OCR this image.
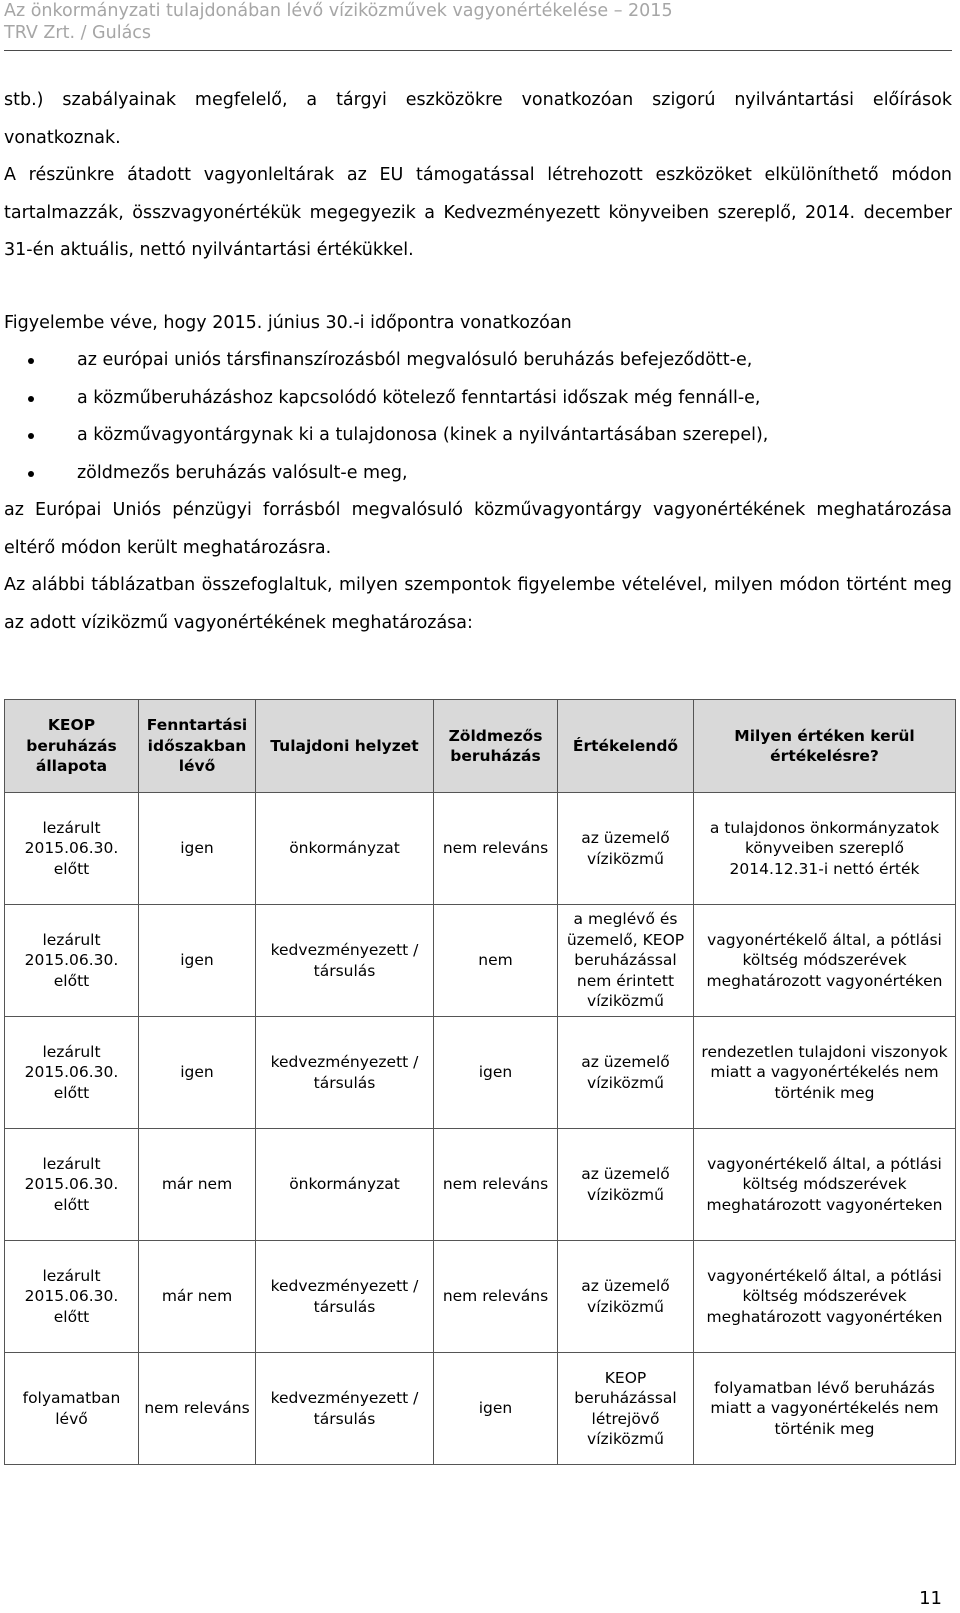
Az önkormányzati tulajdonában lévő víziközművek vagyonértékelése – 2015
TRV Zrt. / Gulács

stb.) szabályainak megfelelő, a tárgyi eszközökre vonatkozóan szigorú nyilvántartási előírások vonatkoznak.

A részünkre átadott vagyonleltárak az EU támogatással létrehozott eszközöket elkülöníthető módon tartalmazzák, összvagyonértékük megegyezik a Kedvezményezett könyveiben szereplő, 2014. december 31-én aktuális, nettó nyilvántartási értékükkel.

Figyelembe véve, hogy 2015. június 30.-i időpontra vonatkozóan

az európai uniós társfinanszírozásból megvalósuló beruházás befejeződött-e,
a közműberuházáshoz kapcsolódó kötelező fenntartási időszak még fennáll-e,
a közművagyontárgynak ki a tulajdonosa (kinek a nyilvántartásában szerepel),
zöldmezős beruházás valósult-e meg,

az Európai Uniós pénzügyi forrásból megvalósuló közművagyontárgy vagyonértékének meghatározása eltérő módon került meghatározásra.

Az alábbi táblázatban összefoglaltuk, milyen szempontok figyelembe vételével, milyen módon történt meg az adott víziközmű vagyonértékének meghatározása:

KEOP beruházás állapota	Fenntartási időszakban lévő	Tulajdoni helyzet	Zöldmezős beruházás	Értékelendő	Milyen értéken kerül értékelésre?
lezárult 2015.06.30. előtt	igen	önkormányzat	nem releváns	az üzemelő víziközmű	a tulajdonos önkormányzatok könyveiben szereplő 2014.12.31-i nettó érték
lezárult 2015.06.30. előtt	igen	kedvezményezett / társulás	nem	a meglévő és üzemelő, KEOP beruházással nem érintett víziközmű	vagyonértékelő által, a pótlási költség módszerévek meghatározott vagyonértéken
lezárult 2015.06.30. előtt	igen	kedvezményezett / társulás	igen	az üzemelő víziközmű	rendezetlen tulajdoni viszonyok miatt a vagyonértékelés nem történik meg
lezárult 2015.06.30. előtt	már nem	önkormányzat	nem releváns	az üzemelő víziközmű	vagyonértékelő által, a pótlási költség módszerévek meghatározott vagyonérteken
lezárult 2015.06.30. előtt	már nem	kedvezményezett / társulás	nem releváns	az üzemelő víziközmű	vagyonértékelő által, a pótlási költség módszerévek meghatározott vagyonértéken
folyamatban lévő	nem releváns	kedvezményezett / társulás	igen	KEOP beruházással létrejövő víziközmű	folyamatban lévő beruházás miatt a vagyonértékelés nem történik meg
11
